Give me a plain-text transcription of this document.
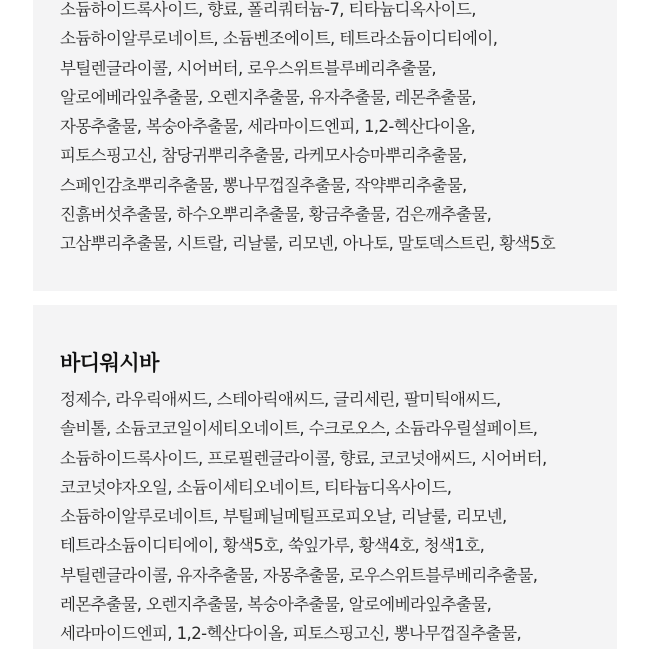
소듐하이드록사이드, 향료, 폴리쿼터늄-7, 티타늄디옥사이드,
소듐하이알루로네이트, 소듐벤조에이트, 테트라소듐이디티에이,
부틸렌글라이콜, 시어버터, 로우스위트블루베리추출물,
알로에베라잎추출물, 오렌지추출물, 유자추출물, 레몬추출물,
자몽추출물, 복숭아추출물, 세라마이드엔피, 1,2-헥산다이올,
피토스핑고신, 참당귀뿌리추출물, 라케모사승마뿌리추출물,
스페인감초뿌리추출물, 뽕나무껍질추출물, 작약뿌리추출물,
진흙버섯추출물, 하수오뿌리추출물, 황금추출물, 검은깨추출물,
고삼뿌리추출물, 시트랄, 리날룰, 리모넨, 아나토, 말토덱스트린, 황색5호
바디워시바
정제수, 라우릭애씨드, 스테아릭애씨드, 글리세린, 팔미틱애씨드,
솔비톨, 소듐코코일이세티오네이트, 수크로오스, 소듐라우릴설페이트,
소듐하이드록사이드, 프로필렌글라이콜, 향료, 코코넛애씨드, 시어버터,
코코넛야자오일, 소듐이세티오네이트, 티타늄디옥사이드,
소듐하이알루로네이트, 부틸페닐메틸프로피오날, 리날룰, 리모넨,
테트라소듐이디티에이, 황색5호, 쑥잎가루, 황색4호, 청색1호,
부틸렌글라이콜, 유자추출물, 자몽추출물, 로우스위트블루베리추출물,
레몬추출물, 오렌지추출물, 복숭아추출물, 알로에베라잎추출물,
세라마이드엔피, 1,2-헥산다이올, 피토스핑고신, 뽕나무껍질추출물,
